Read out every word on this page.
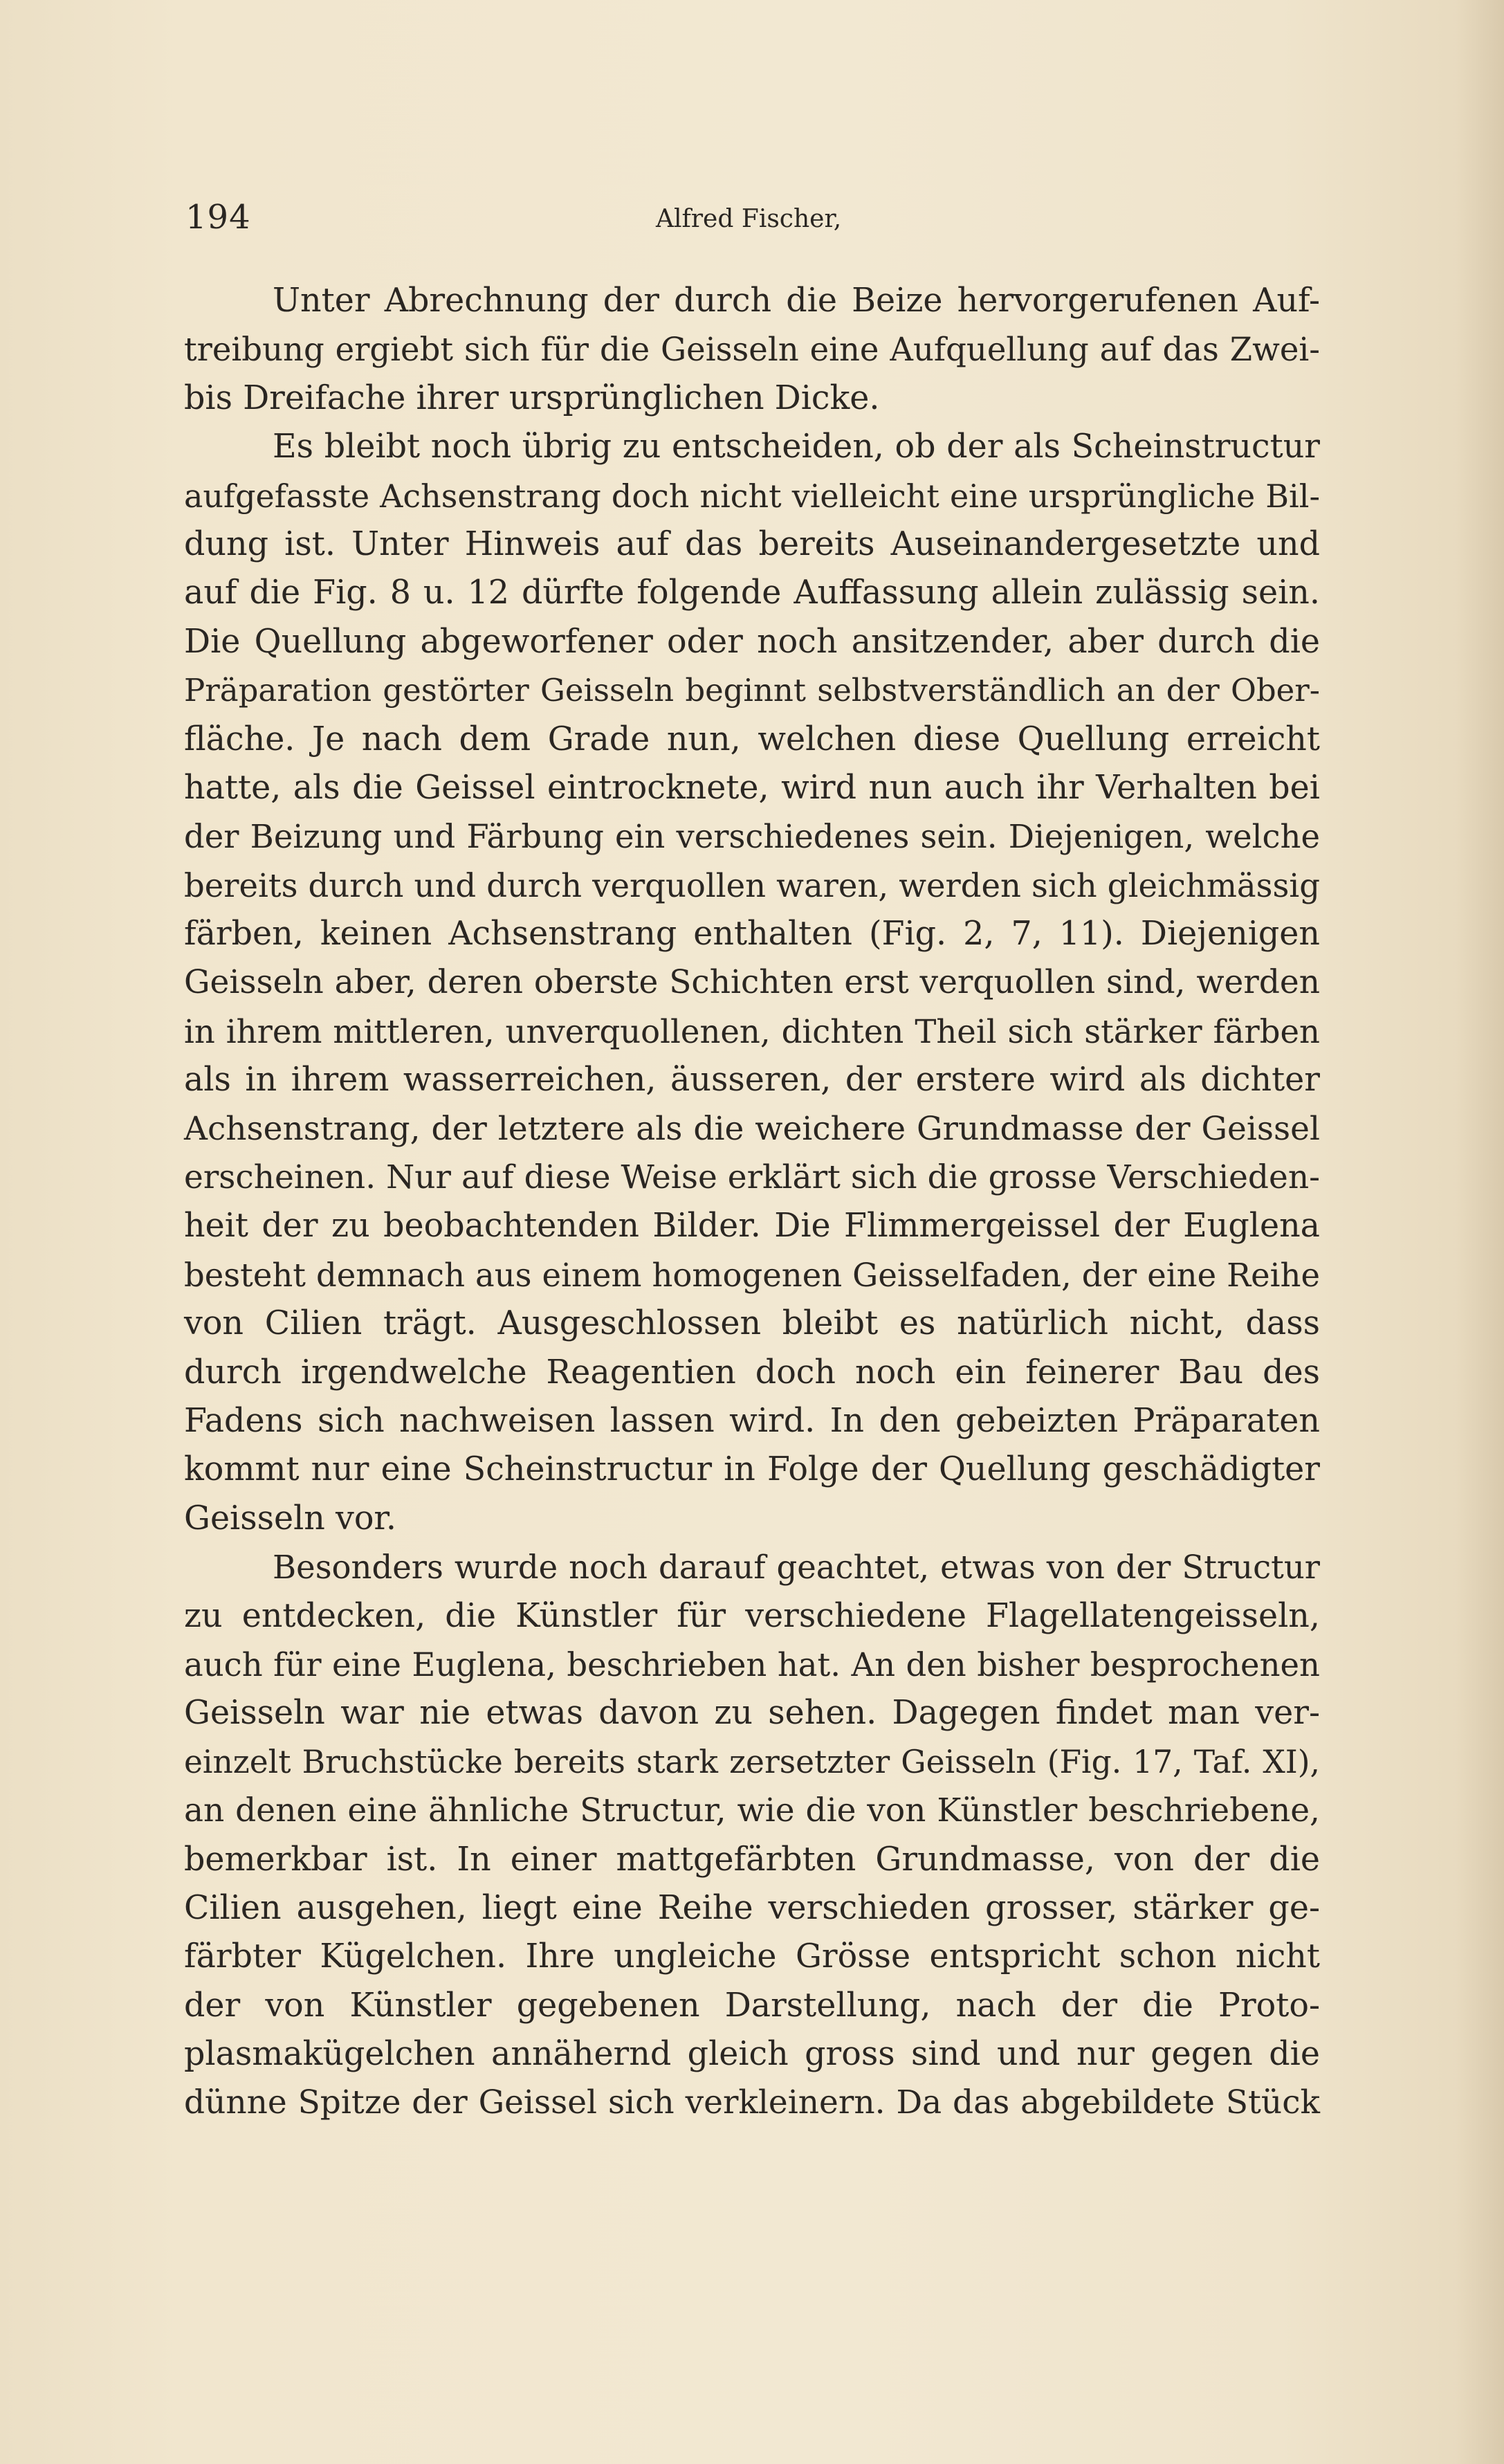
194	Alfred Fischer,
Unter Abrechnung der durch die Beize hervorgerufenen Auf-
treibung ergiebt sich für die Geisseln eine Aufquellung auf das Zwei-
bis Dreifache ihrer ursprünglichen Dicke.
Es bleibt noch übrig zu entscheiden, ob der als Scheinstructur
aufgefasste Achsenstrang doch nicht vielleicht eine ursprüngliche Bil-
dung ist. Unter Hinweis auf das bereits Auseinandergesetzte und
auf die Fig. 8 u. 12 dürfte folgende Auffassung allein zulässig sein.
Die Quellung abgeworfener oder noch ansitzender, aber durch die
Präparation gestörter Geisseln beginnt selbstverständlich an der Ober-
fläche. Je nach dem Grade nun, welchen diese Quellung erreicht
hatte, als die Geissel eintrocknete, wird nun auch ihr Verhalten bei
der Beizung und Färbung ein verschiedenes sein. Diejenigen, welche
bereits durch und durch verquollen waren, werden sich gleichmässig
färben, keinen Achsenstrang enthalten (Fig. 2, 7, 11). Diejenigen
Geisseln aber, deren oberste Schichten erst verquollen sind, werden
in ihrem mittleren, unverquollenen, dichten Theil sich stärker färben
als in ihrem wasserreichen, äusseren, der erstere wird als dichter
Achsenstrang, der letztere als die weichere Grundmasse der Geissel
erscheinen. Nur auf diese Weise erklärt sich die grosse Verschieden-
heit der zu beobachtenden Bilder. Die Flimmergeissel der Euglena
besteht demnach aus einem homogenen Geisselfaden, der eine Reihe
von Cilien trägt. Ausgeschlossen bleibt es natürlich nicht, dass
durch irgendwelche Reagentien doch noch ein feinerer Bau des
Fadens sich nachweisen lassen wird. In den gebeizten Präparaten
kommt nur eine Scheinstructur in Folge der Quellung geschädigter
Geisseln vor.
Besonders wurde noch darauf geachtet, etwas von der Structur
zu entdecken, die Künstler für verschiedene Flagellatengeisseln,
auch für eine Euglena, beschrieben hat. An den bisher besprochenen
Geisseln war nie etwas davon zu sehen. Dagegen findet man ver-
einzelt Bruchstücke bereits stark zersetzter Geisseln (Fig. 17, Taf. XI),
an denen eine ähnliche Structur, wie die von Künstler beschriebene,
bemerkbar ist. In einer mattgefärbten Grundmasse, von der die
Cilien ausgehen, liegt eine Reihe verschieden grosser, stärker ge-
färbter Kügelchen. Ihre ungleiche Grösse entspricht schon nicht
der von Künstler gegebenen Darstellung, nach der die Proto-
plasmakügelchen annähernd gleich gross sind und nur gegen die
dünne Spitze der Geissel sich verkleinern. Da das abgebildete Stück
